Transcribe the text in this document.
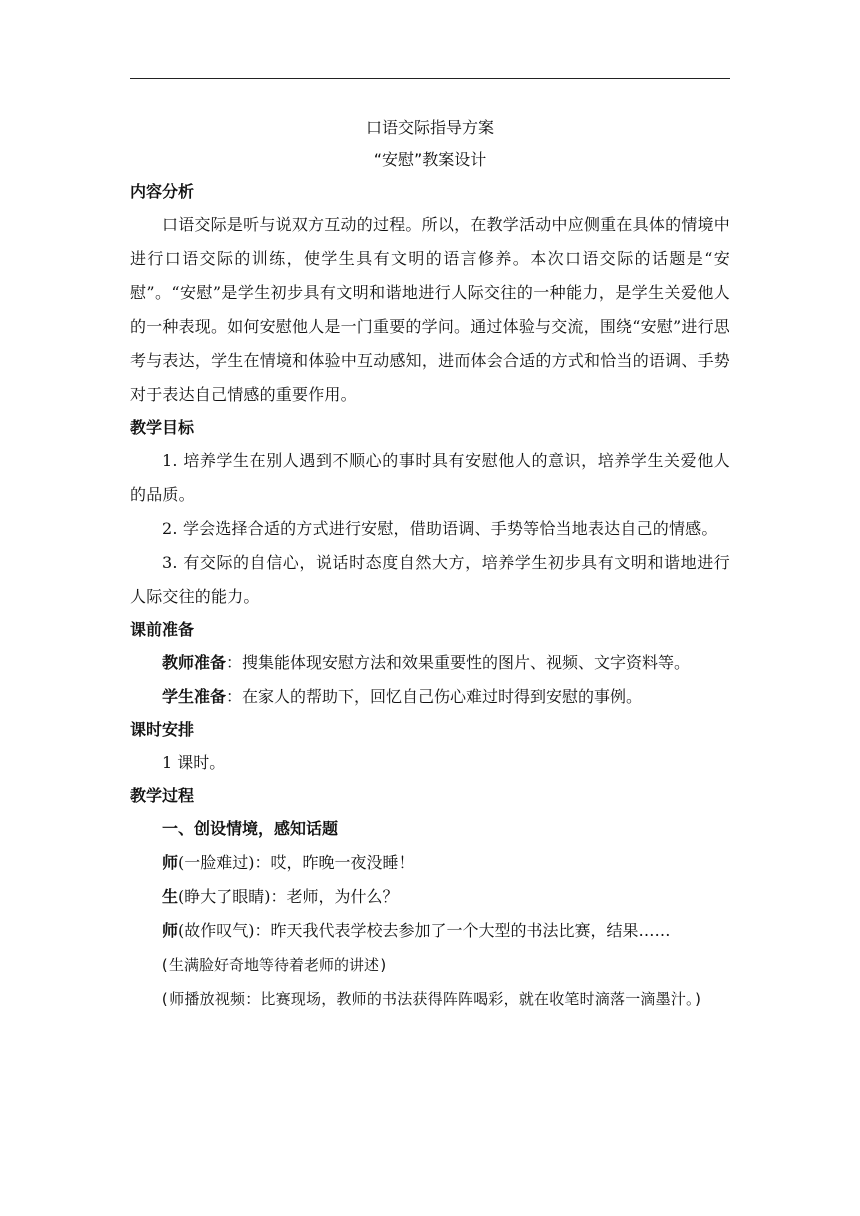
口语交际指导方案
“安慰”教案设计
内容分析
口语交际是听与说双方互动的过程。所以，在教学活动中应侧重在具体的情境中进行口语交际的训练，使学生具有文明的语言修养。本次口语交际的话题是“安慰”。“安慰”是学生初步具有文明和谐地进行人际交往的一种能力，是学生关爱他人的一种表现。如何安慰他人是一门重要的学问。通过体验与交流，围绕“安慰”进行思考与表达，学生在情境和体验中互动感知，进而体会合适的方式和恰当的语调、手势对于表达自己情感的重要作用。
教学目标
1. 培养学生在别人遇到不顺心的事时具有安慰他人的意识，培养学生关爱他人的品质。
2. 学会选择合适的方式进行安慰，借助语调、手势等恰当地表达自己的情感。
3. 有交际的自信心，说话时态度自然大方，培养学生初步具有文明和谐地进行人际交往的能力。
课前准备
教师准备：搜集能体现安慰方法和效果重要性的图片、视频、文字资料等。
学生准备：在家人的帮助下，回忆自己伤心难过时得到安慰的事例。
课时安排
1 课时。
教学过程
一、创设情境，感知话题
师(一脸难过)：哎，昨晚一夜没睡！
生(睁大了眼睛)：老师，为什么？
师(故作叹气)：昨天我代表学校去参加了一个大型的书法比赛，结果……
(生满脸好奇地等待着老师的讲述)
(师播放视频：比赛现场，教师的书法获得阵阵喝彩，就在收笔时滴落一滴墨汁。)
